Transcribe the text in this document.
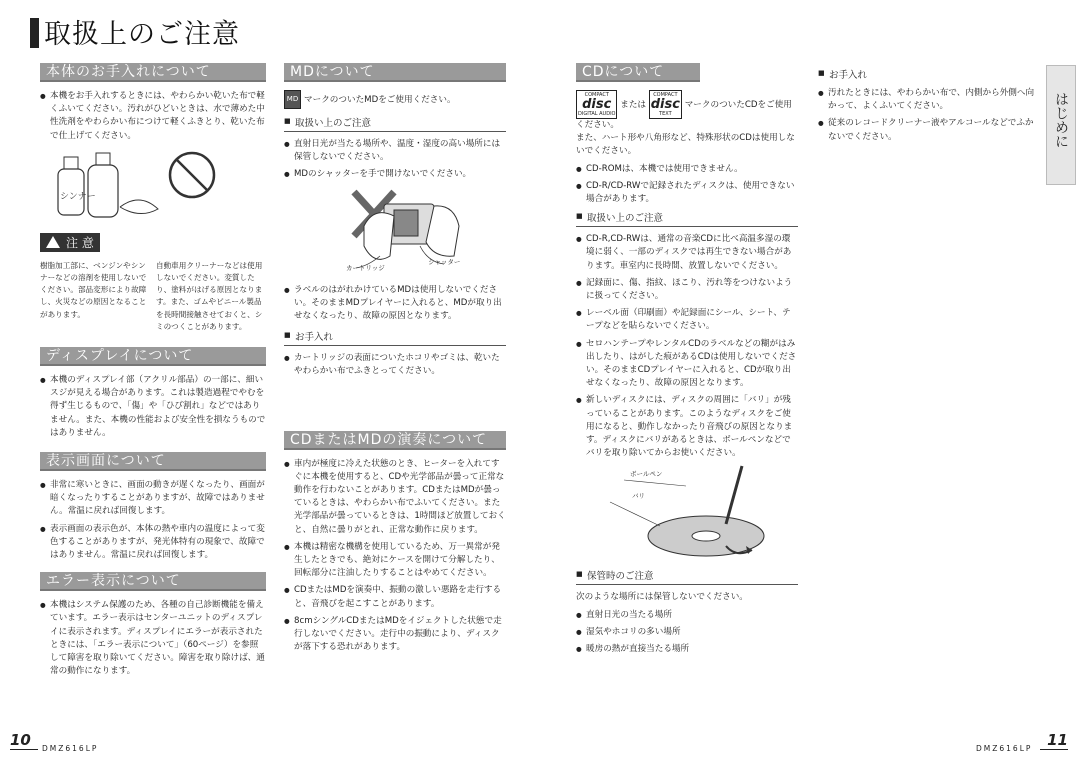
取扱上のご注意
はじめに
本体のお手入れについて
● 本機をお手入れするときには、やわらかい乾いた布で軽くふいてください。汚れがひどいときは、水で薄めた中性洗剤をやわらかい布につけて軽くふきとり、乾いた布で仕上げてください。
シンナー
注 意
樹脂加工部に、ベンジンやシンナーなどの溶剤を使用しないでください。部品変形により故障し、火災などの原因となることがあります。
自動車用クリーナーなどは使用しないでください。変質したり、塗料がはげる原因となります。また、ゴムやビニール製品を長時間接触させておくと、シミのつくことがあります。
ディスプレイについて
● 本機のディスプレイ部（アクリル部品）の一部に、細いスジが見える場合があります。これは製造過程でやむを得ず生じるもので、「傷」や「ひび割れ」などではありません。また、本機の性能および安全性を損なうものではありません。
表示画面について
● 非常に寒いときに、画面の動きが遅くなったり、画面が暗くなったりすることがありますが、故障ではありません。常温に戻れば回復します。
● 表示画面の表示色が、本体の熱や車内の温度によって変色することがありますが、発光体特有の現象で、故障ではありません。常温に戻れば回復します。
エラー表示について
● 本機はシステム保護のため、各種の自己診断機能を備えています。エラー表示はセンターユニットのディスプレイに表示されます。ディスプレイにエラーが表示されたときには、「エラー表示について」（60ページ）を参照して障害を取り除いてください。障害を取り除けば、通常の動作になります。
MDについて
MD マークのついたMDをご使用ください。
■ 取扱い上のご注意
● 直射日光が当たる場所や、温度・湿度の高い場所には保管しないでください。
● MDのシャッターを手で開けないでください。
カートリッジ
シャッター
● ラベルのはがれかけているMDは使用しないでください。そのままMDプレイヤーに入れると、MDが取り出せなくなったり、故障の原因となります。
■ お手入れ
● カートリッジの表面についたホコリやゴミは、乾いたやわらかい布でふきとってください。
CDまたはMDの演奏について
● 車内が極度に冷えた状態のとき、ヒーターを入れてすぐに本機を使用すると、CDや光学部品が曇って正常な動作を行わないことがあります。CDまたはMDが曇っているときは、やわらかい布でふいてください。また光学部品が曇っているときは、1時間ほど放置しておくと、自然に曇りがとれ、正常な動作に戻ります。
● 本機は精密な機構を使用しているため、万一異常が発生したときでも、絶対にケースを開けて分解したり、回転部分に注油したりすることはやめてください。
● CDまたはMDを演奏中、振動の激しい悪路を走行すると、音飛びを起こすことがあります。
● 8cmシングルCDまたはMDをイジェクトした状態で走行しないでください。走行中の振動により、ディスクが落下する恐れがあります。
CDについて
COMPACT
disc
DIGITAL AUDIO または COMPACT
disc
TEXT マークのついたCDをご使用ください。
また、ハート形や八角形など、特殊形状のCDは使用しないでください。
● CD-ROMは、本機では使用できません。
● CD-R/CD-RWで記録されたディスクは、使用できない場合があります。
■ 取扱い上のご注意
● CD-R,CD-RWは、通常の音楽CDに比べ高温多湿の環境に弱く、一部のディスクでは再生できない場合があります。車室内に長時間、放置しないでください。
● 記録面に、傷、指紋、ほこり、汚れ等をつけないように扱ってください。
● レーベル面（印刷面）や記録面にシール、シート、テープなどを貼らないでください。
● セロハンテープやレンタルCDのラベルなどの糊がはみ出したり、はがした痕があるCDは使用しないでください。そのままCDプレイヤーに入れると、CDが取り出せなくなったり、故障の原因となります。
● 新しいディスクには、ディスクの周囲に「バリ」が残っていることがあります。このようなディスクをご使用になると、動作しなかったり音飛びの原因となります。ディスクにバリがあるときは、ボールペンなどでバリを取り除いてからお使いください。
ボールペン
バリ
■ 保管時のご注意
次のような場所には保管しないでください。
● 直射日光の当たる場所
● 湿気やホコリの多い場所
● 暖房の熱が直接当たる場所
■ お手入れ
● 汚れたときには、やわらかい布で、内側から外側へ向かって、よくふいてください。
● 従来のレコードクリーナー液やアルコールなどでふかないでください。
10	DMZ616LP	DMZ616LP 11
